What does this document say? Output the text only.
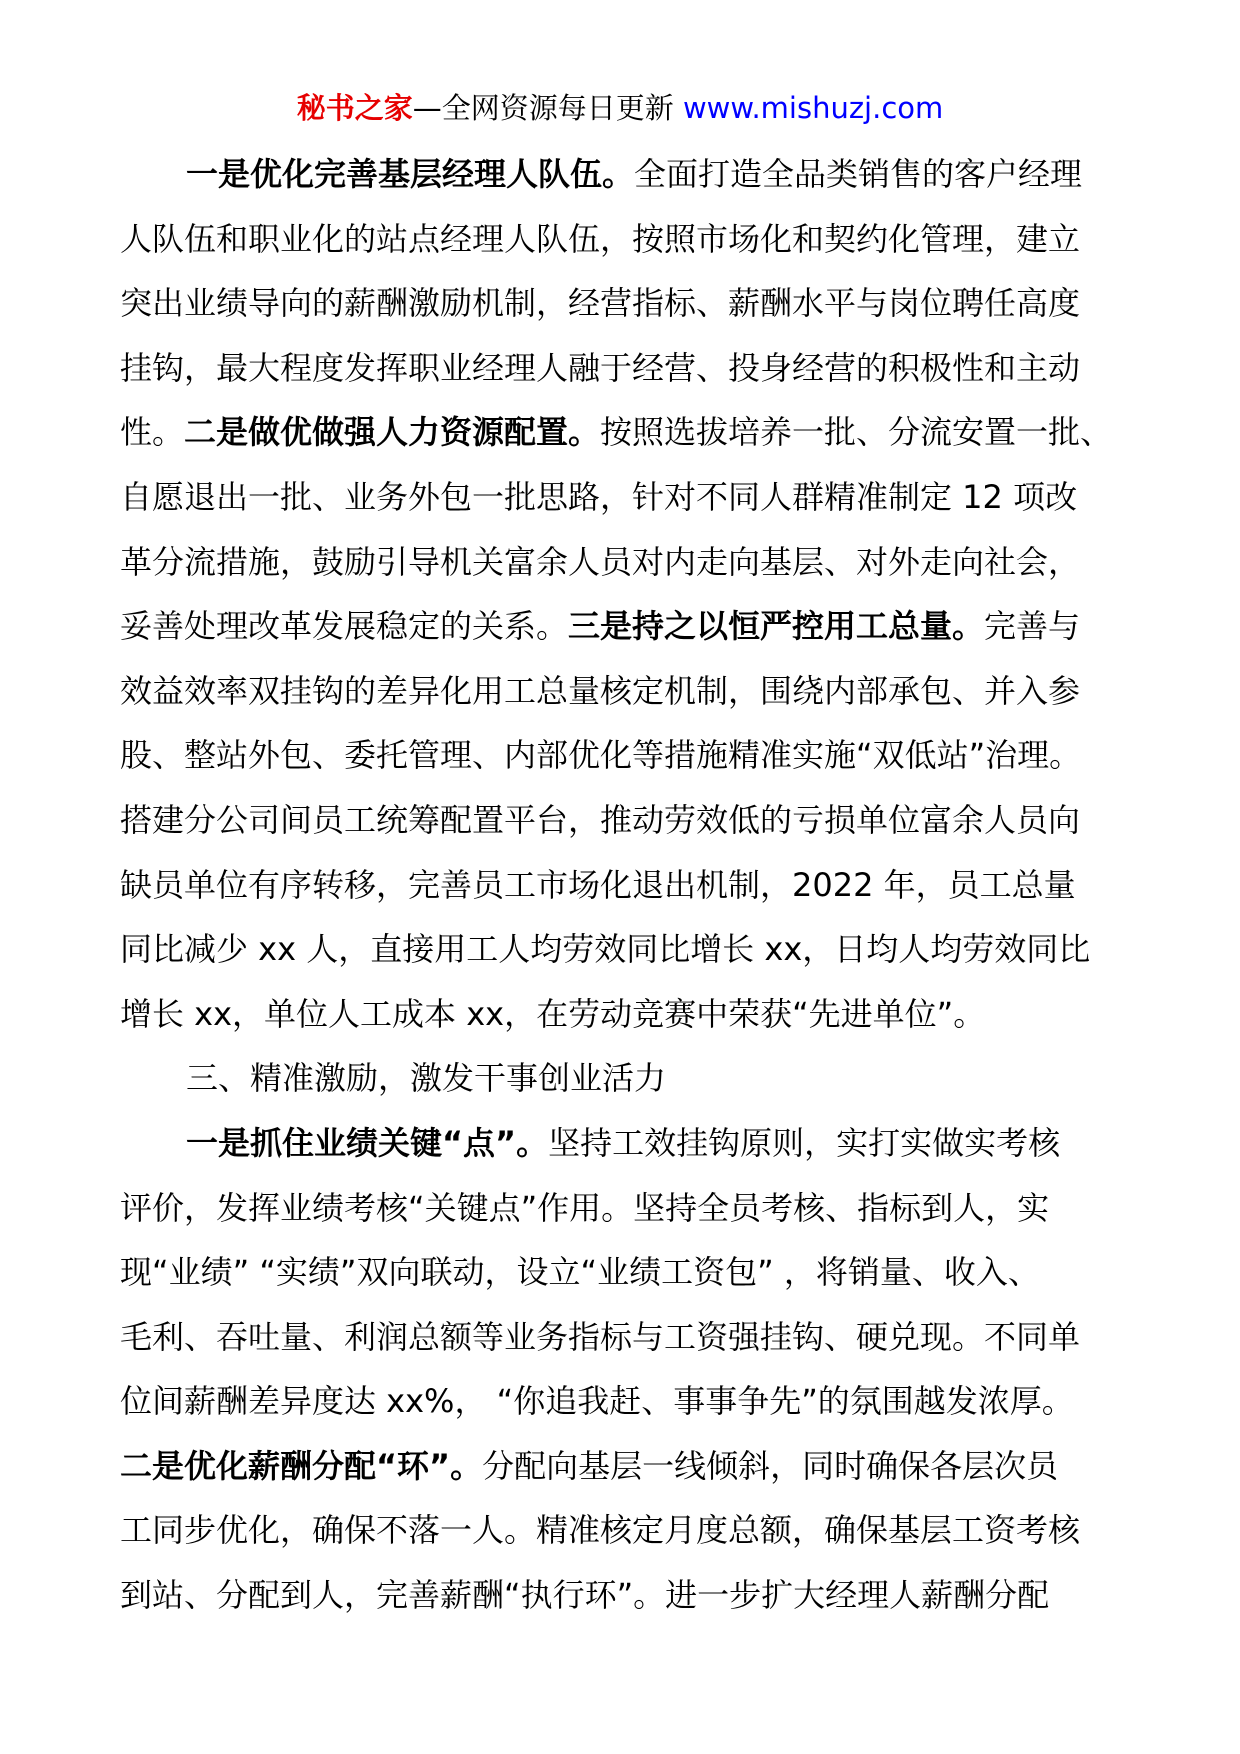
秘书之家—全网资源每日更新 www.mishuzj.com
一是优化完善基层经理人队伍。全面打造全品类销售的客户经理
人队伍和职业化的站点经理人队伍，按照市场化和契约化管理，建立
突出业绩导向的薪酬激励机制，经营指标、薪酬水平与岗位聘任高度
挂钩，最大程度发挥职业经理人融于经营、投身经营的积极性和主动
性。二是做优做强人力资源配置。按照选拔培养一批、分流安置一批、
自愿退出一批、业务外包一批思路，针对不同人群精准制定 12 项改
革分流措施，鼓励引导机关富余人员对内走向基层、对外走向社会，
妥善处理改革发展稳定的关系。三是持之以恒严控用工总量。完善与
效益效率双挂钩的差异化用工总量核定机制，围绕内部承包、并入参
股、整站外包、委托管理、内部优化等措施精准实施“双低站”治理。
搭建分公司间员工统筹配置平台，推动劳效低的亏损单位富余人员向
缺员单位有序转移，完善员工市场化退出机制，2022 年，员工总量
同比减少 xx 人，直接用工人均劳效同比增长 xx，日均人均劳效同比
增长 xx，单位人工成本 xx，在劳动竞赛中荣获“先进单位”。
三、精准激励，激发干事创业活力
一是抓住业绩关键“点”。坚持工效挂钩原则，实打实做实考核
评价，发挥业绩考核“关键点”作用。坚持全员考核、指标到人，实
现“业绩” “实绩”双向联动，设立“业绩工资包” ，将销量、收入、
毛利、吞吐量、利润总额等业务指标与工资强挂钩、硬兑现。不同单
位间薪酬差异度达 xx%， “你追我赶、事事争先”的氛围越发浓厚。
二是优化薪酬分配“环”。分配向基层一线倾斜，同时确保各层次员
工同步优化，确保不落一人。精准核定月度总额，确保基层工资考核
到站、分配到人，完善薪酬“执行环”。进一步扩大经理人薪酬分配
